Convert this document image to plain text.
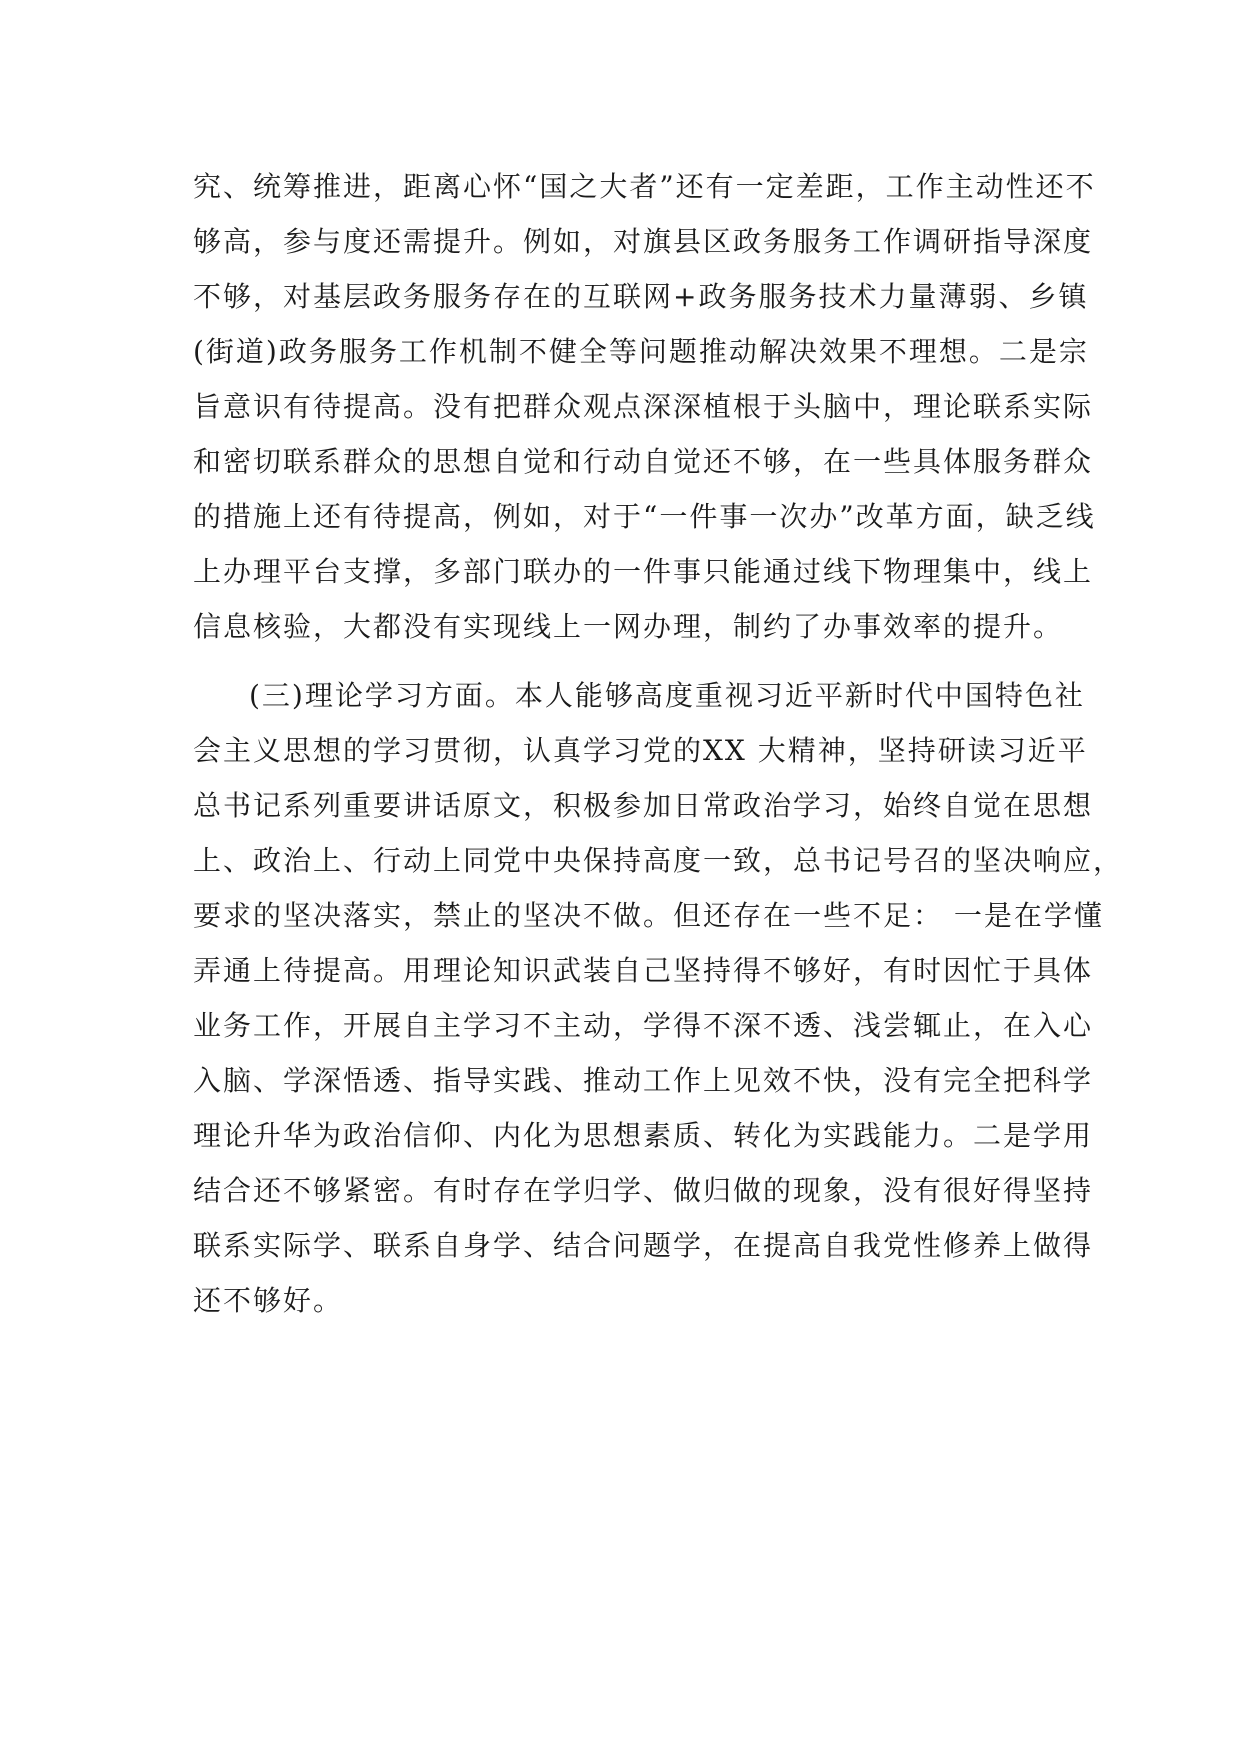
究、统筹推进，距离心怀“国之大者”还有一定差距，工作主动性还不

够高，参与度还需提升。例如，对旗县区政务服务工作调研指导深度

不够，对基层政务服务存在的互联网+政务服务技术力量薄弱、乡镇

(街道)政务服务工作机制不健全等问题推动解决效果不理想。二是宗

旨意识有待提高。没有把群众观点深深植根于头脑中，理论联系实际

和密切联系群众的思想自觉和行动自觉还不够，在一些具体服务群众

的措施上还有待提高，例如，对于“一件事一次办”改革方面，缺乏线

上办理平台支撑，多部门联办的一件事只能通过线下物理集中，线上

信息核验，大都没有实现线上一网办理，制约了办事效率的提升。

(三)理论学习方面。本人能够高度重视习近平新时代中国特色社

会主义思想的学习贯彻，认真学习党的XX 大精神，坚持研读习近平

总书记系列重要讲话原文，积极参加日常政治学习，始终自觉在思想

上、政治上、行动上同党中央保持高度一致，总书记号召的坚决响应，

要求的坚决落实，禁止的坚决不做。但还存在一些不足： 一是在学懂

弄通上待提高。用理论知识武装自己坚持得不够好，有时因忙于具体

业务工作，开展自主学习不主动，学得不深不透、浅尝辄止，在入心

入脑、学深悟透、指导实践、推动工作上见效不快，没有完全把科学

理论升华为政治信仰、内化为思想素质、转化为实践能力。二是学用

结合还不够紧密。有时存在学归学、做归做的现象，没有很好得坚持

联系实际学、联系自身学、结合问题学，在提高自我党性修养上做得

还不够好。
